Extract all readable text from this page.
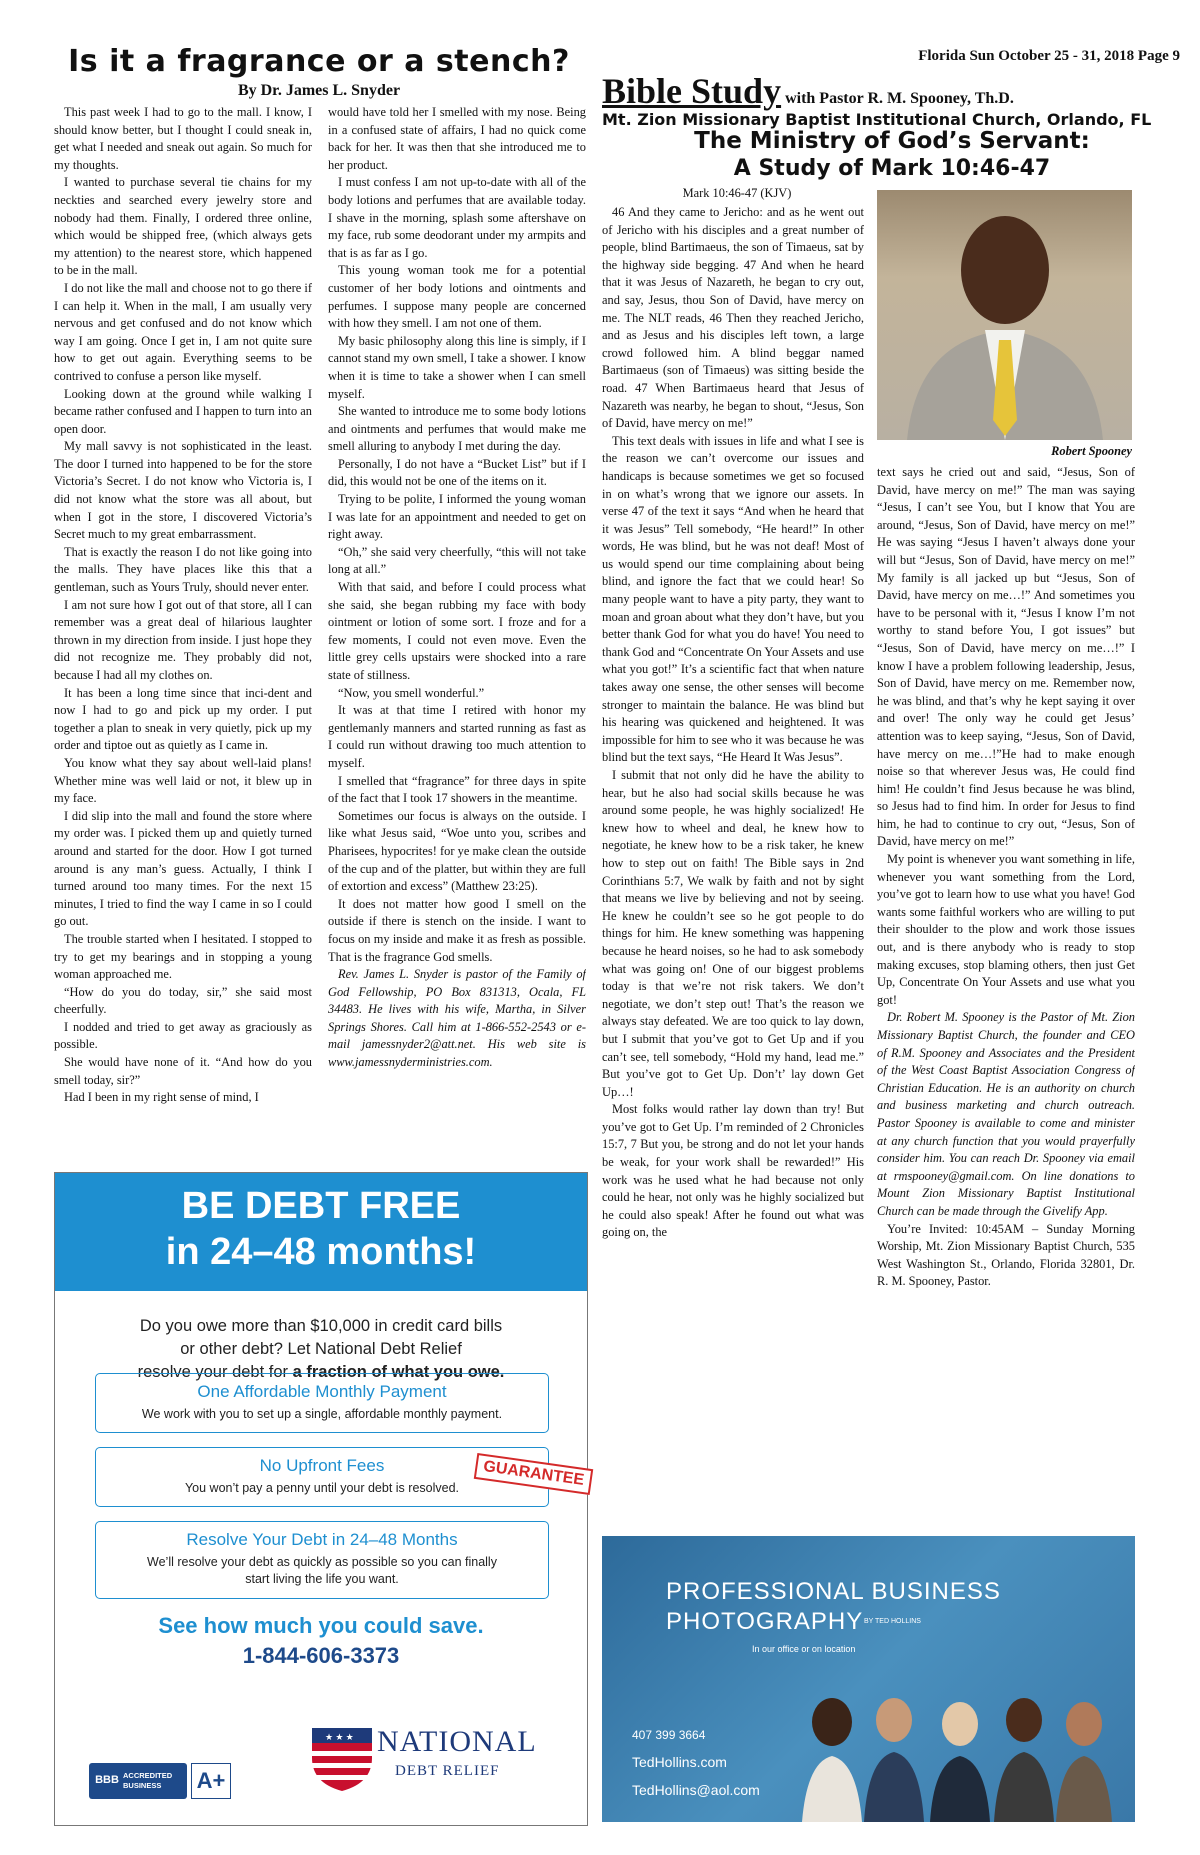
Florida Sun October 25 - 31, 2018 Page 9
Is it a fragrance or a stench?
By Dr. James L. Snyder

This past week I had to go to the mall. I know, I should know better, but I thought I could sneak in, get what I needed and sneak out again. So much for my thoughts.

I wanted to purchase several tie chains for my neckties and searched every jewelry store and nobody had them. Finally, I ordered three online, which would be shipped free, (which always gets my attention) to the nearest store, which happened to be in the mall.

I do not like the mall and choose not to go there if I can help it. When in the mall, I am usually very nervous and get confused and do not know which way I am going. Once I get in, I am not quite sure how to get out again. Everything seems to be contrived to confuse a person like myself.

Looking down at the ground while walking I became rather confused and I happen to turn into an open door.

My mall savvy is not sophisticated in the least. The door I turned into happened to be for the store Victoria’s Secret. I do not know who Victoria is, I did not know what the store was all about, but when I got in the store, I discovered Victoria’s Secret much to my great embarrassment.

That is exactly the reason I do not like going into the malls. They have places like this that a gentleman, such as Yours Truly, should never enter.

I am not sure how I got out of that store, all I can remember was a great deal of hilarious laughter thrown in my direction from inside. I just hope they did not recognize me. They probably did not, because I had all my clothes on.

It has been a long time since that inci-dent and now I had to go and pick up my order. I put together a plan to sneak in very quietly, pick up my order and tiptoe out as quietly as I came in.

You know what they say about well-laid plans! Whether mine was well laid or not, it blew up in my face.

I did slip into the mall and found the store where my order was. I picked them up and quietly turned around and started for the door. How I got turned around is any man’s guess. Actually, I think I turned around too many times. For the next 15 minutes, I tried to find the way I came in so I could go out.

The trouble started when I hesitated. I stopped to try to get my bearings and in stopping a young woman approached me.

“How do you do today, sir,” she said most cheerfully.

I nodded and tried to get away as graciously as possible.

She would have none of it. “And how do you smell today, sir?”

Had I been in my right sense of mind, I

would have told her I smelled with my nose. Being in a confused state of affairs, I had no quick come back for her. It was then that she introduced me to her product.

I must confess I am not up-to-date with all of the body lotions and perfumes that are available today. I shave in the morning, splash some aftershave on my face, rub some deodorant under my armpits and that is as far as I go.

This young woman took me for a potential customer of her body lotions and ointments and perfumes. I suppose many people are concerned with how they smell. I am not one of them.

My basic philosophy along this line is simply, if I cannot stand my own smell, I take a shower. I know when it is time to take a shower when I can smell myself.

She wanted to introduce me to some body lotions and ointments and perfumes that would make me smell alluring to anybody I met during the day.

Personally, I do not have a “Bucket List” but if I did, this would not be one of the items on it.

Trying to be polite, I informed the young woman I was late for an appointment and needed to get on right away.

“Oh,” she said very cheerfully, “this will not take long at all.”

With that said, and before I could process what she said, she began rubbing my face with body ointment or lotion of some sort. I froze and for a few moments, I could not even move. Even the little grey cells upstairs were shocked into a rare state of stillness.

“Now, you smell wonderful.”

It was at that time I retired with honor my gentlemanly manners and started running as fast as I could run without drawing too much attention to myself.

I smelled that “fragrance” for three days in spite of the fact that I took 17 showers in the meantime.

Sometimes our focus is always on the outside. I like what Jesus said, “Woe unto you, scribes and Pharisees, hypocrites! for ye make clean the outside of the cup and of the platter, but within they are full of extortion and excess” (Matthew 23:25).

It does not matter how good I smell on the outside if there is stench on the inside. I want to focus on my inside and make it as fresh as possible. That is the fragrance God smells.

Rev. James L. Snyder is pastor of the Family of God Fellowship, PO Box 831313, Ocala, FL 34483. He lives with his wife, Martha, in Silver Springs Shores. Call him at 1-866-552-2543 or e-mail jamessnyder2@att.net. His web site is www.jamessnyderministries.com.

BE DEBT FREE
in 24–48 months!
Do you owe more than $10,000 in credit card bills
or other debt? Let National Debt Relief
resolve your debt for a fraction of what you owe.
One Affordable Monthly Payment
We work with you to set up a single, affordable monthly payment.
No Upfront Fees
You won’t pay a penny until your debt is resolved.	GUARANTEE
Resolve Your Debt in 24–48 Months
We’ll resolve your debt as quickly as possible so you can finally start living the life you want.
See how much you could save.
1-844-606-3373
★ ★ ★ NATIONAL
DEBT RELIEF
BBB ACCREDITED
BUSINESS A+
Bible Study with Pastor R. M. Spooney, Th.D.
Mt. Zion Missionary Baptist Institutional Church, Orlando, FL
The Ministry of God’s Servant:
A Study of Mark 10:46-47
Mark 10:46-47 (KJV)
Robert Spooney

46 And they came to Jericho: and as he went out of Jericho with his disciples and a great number of people, blind Bartimaeus, the son of Timaeus, sat by the highway side begging. 47 And when he heard that it was Jesus of Nazareth, he began to cry out, and say, Jesus, thou Son of David, have mercy on me. The NLT reads, 46 Then they reached Jericho, and as Jesus and his disciples left town, a large crowd followed him. A blind beggar named Bartimaeus (son of Timaeus) was sitting beside the road. 47 When Bartimaeus heard that Jesus of Nazareth was nearby, he began to shout, “Jesus, Son of David, have mercy on me!”

This text deals with issues in life and what I see is the reason we can’t overcome our issues and handicaps is because sometimes we get so focused in on what’s wrong that we ignore our assets. In verse 47 of the text it says “And when he heard that it was Jesus” Tell somebody, “He heard!” In other words, He was blind, but he was not deaf! Most of us would spend our time complaining about being blind, and ignore the fact that we could hear! So many people want to have a pity party, they want to moan and groan about what they don’t have, but you better thank God for what you do have! You need to thank God and “Concentrate On Your Assets and use what you got!” It’s a scientific fact that when nature takes away one sense, the other senses will become stronger to maintain the balance. He was blind but his hearing was quickened and heightened. It was impossible for him to see who it was because he was blind but the text says, “He Heard It Was Jesus”.

I submit that not only did he have the ability to hear, but he also had social skills because he was around some people, he was highly socialized! He knew how to wheel and deal, he knew how to negotiate, he knew how to be a risk taker, he knew how to step out on faith! The Bible says in 2nd Corinthians 5:7, We walk by faith and not by sight that means we live by believing and not by seeing. He knew he couldn’t see so he got people to do things for him. He knew something was happening because he heard noises, so he had to ask somebody what was going on! One of our biggest problems today is that we’re not risk takers. We don’t negotiate, we don’t step out! That’s the reason we always stay defeated. We are too quick to lay down, but I submit that you’ve got to Get Up and if you can’t see, tell somebody, “Hold my hand, lead me.” But you’ve got to Get Up. Don’t’ lay down Get Up…!

Most folks would rather lay down than try! But you’ve got to Get Up. I’m reminded of 2 Chronicles 15:7, 7 But you, be strong and do not let your hands be weak, for your work shall be rewarded!” His work was he used what he had because not only could he hear, not only was he highly socialized but he could also speak! After he found out what was going on, the

text says he cried out and said, “Jesus, Son of David, have mercy on me!” The man was saying “Jesus, I can’t see You, but I know that You are around, “Jesus, Son of David, have mercy on me!” He was saying “Jesus I haven’t always done your will but “Jesus, Son of David, have mercy on me!” My family is all jacked up but “Jesus, Son of David, have mercy on me…!” And sometimes you have to be personal with it, “Jesus I know I’m not worthy to stand before You, I got issues” but “Jesus, Son of David, have mercy on me…!” I know I have a problem following leadership, Jesus, Son of David, have mercy on me. Remember now, he was blind, and that’s why he kept saying it over and over! The only way he could get Jesus’ attention was to keep saying, “Jesus, Son of David, have mercy on me…!”He had to make enough noise so that wherever Jesus was, He could find him! He couldn’t find Jesus because he was blind, so Jesus had to find him. In order for Jesus to find him, he had to continue to cry out, “Jesus, Son of David, have mercy on me!”

My point is whenever you want something in life, whenever you want something from the Lord, you’ve got to learn how to use what you have! God wants some faithful workers who are willing to put their shoulder to the plow and work those issues out, and is there anybody who is ready to stop making excuses, stop blaming others, then just Get Up, Concentrate On Your Assets and use what you got!

Dr. Robert M. Spooney is the Pastor of Mt. Zion Missionary Baptist Church, the founder and CEO of R.M. Spooney and Associates and the President of the West Coast Baptist Association Congress of Christian Education. He is an authority on church and business marketing and church outreach. Pastor Spooney is available to come and minister at any church function that you would prayerfully consider him. You can reach Dr. Spooney via email at rmspooney@gmail.com. On line donations to Mount Zion Missionary Baptist Institutional Church can be made through the Givelify App.

You’re Invited: 10:45AM – Sunday Morning Worship, Mt. Zion Missionary Baptist Church, 535 West Washington St., Orlando, Florida 32801, Dr. R. M. Spooney, Pastor.

PROFESSIONAL BUSINESS
PHOTOGRAPHY BY TED HOLLINS
In our office or on location
407 399 3664
TedHollins.com
TedHollins@aol.com
